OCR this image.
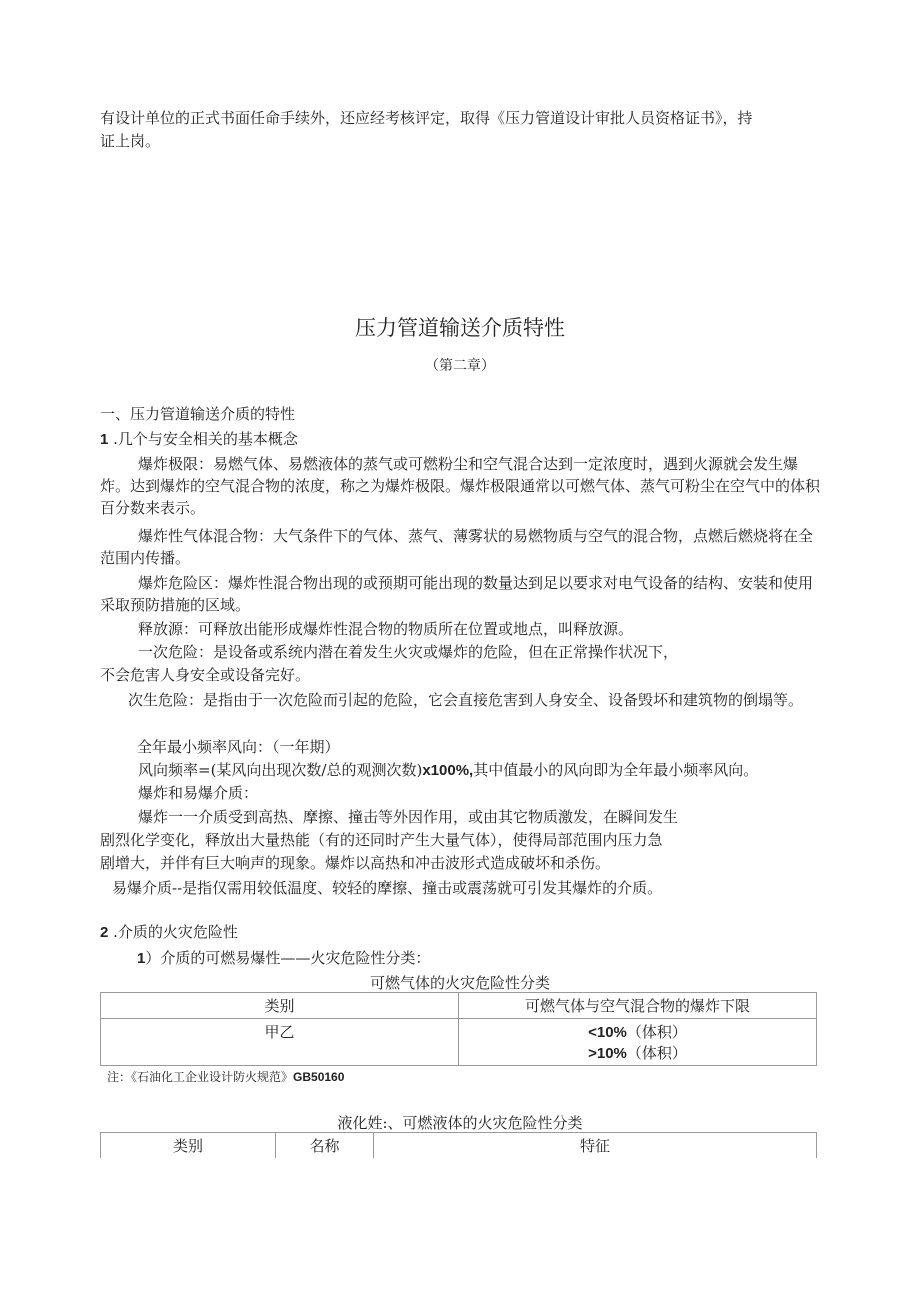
有设计单位的正式书面任命手续外，还应经考核评定，取得《压力管道设计审批人员资格证书》，持
证上岗。
压力管道输送介质特性
（第二章）
一、压力管道输送介质的特性
1 .几个与安全相关的基本概念
爆炸极限：易燃气体、易燃液体的蒸气或可燃粉尘和空气混合达到一定浓度时，遇到火源就会发生爆炸。达到爆炸的空气混合物的浓度，称之为爆炸极限。爆炸极限通常以可燃气体、蒸气可粉尘在空气中的体积百分数来表示。
爆炸性气体混合物：大气条件下的气体、蒸气、薄雾状的易燃物质与空气的混合物，点燃后燃烧将在全范围内传播。
爆炸危险区：爆炸性混合物出现的或预期可能出现的数量达到足以要求对电气设备的结构、安装和使用采取预防措施的区域。
释放源：可释放出能形成爆炸性混合物的物质所在位置或地点，叫释放源。
一次危险：是设备或系统内潜在着发生火灾或爆炸的危险，但在正常操作状况下，
不会危害人身安全或设备完好。
次生危险：是指由于一次危险而引起的危险，它会直接危害到人身安全、设备毁坏和建筑物的倒塌等。
全年最小频率风向：（一年期）
风向频率=(某风向出现次数/总的观测次数)x100%,其中值最小的风向即为全年最小频率风向。
爆炸和易爆介质：
爆炸一一介质受到高热、摩擦、撞击等外因作用，或由其它物质激发，在瞬间发生
剧烈化学变化，释放出大量热能（有的还同时产生大量气体），使得局部范围内压力急
剧增大，并伴有巨大响声的现象。爆炸以高热和冲击波形式造成破坏和杀伤。
易爆介质--是指仅需用较低温度、较轻的摩擦、撞击或震荡就可引发其爆炸的介质。
2 .介质的火灾危险性
1）介质的可燃易爆性——火灾危险性分类：
可燃气体的火灾危险性分类
类别	可燃气体与空气混合物的爆炸下限
甲乙	<10%（体积）
>10%（体积）
注：《石油化工企业设计防火规范》GB50160
液化姓:、可燃液体的火灾危险性分类
类别	名称	特征
